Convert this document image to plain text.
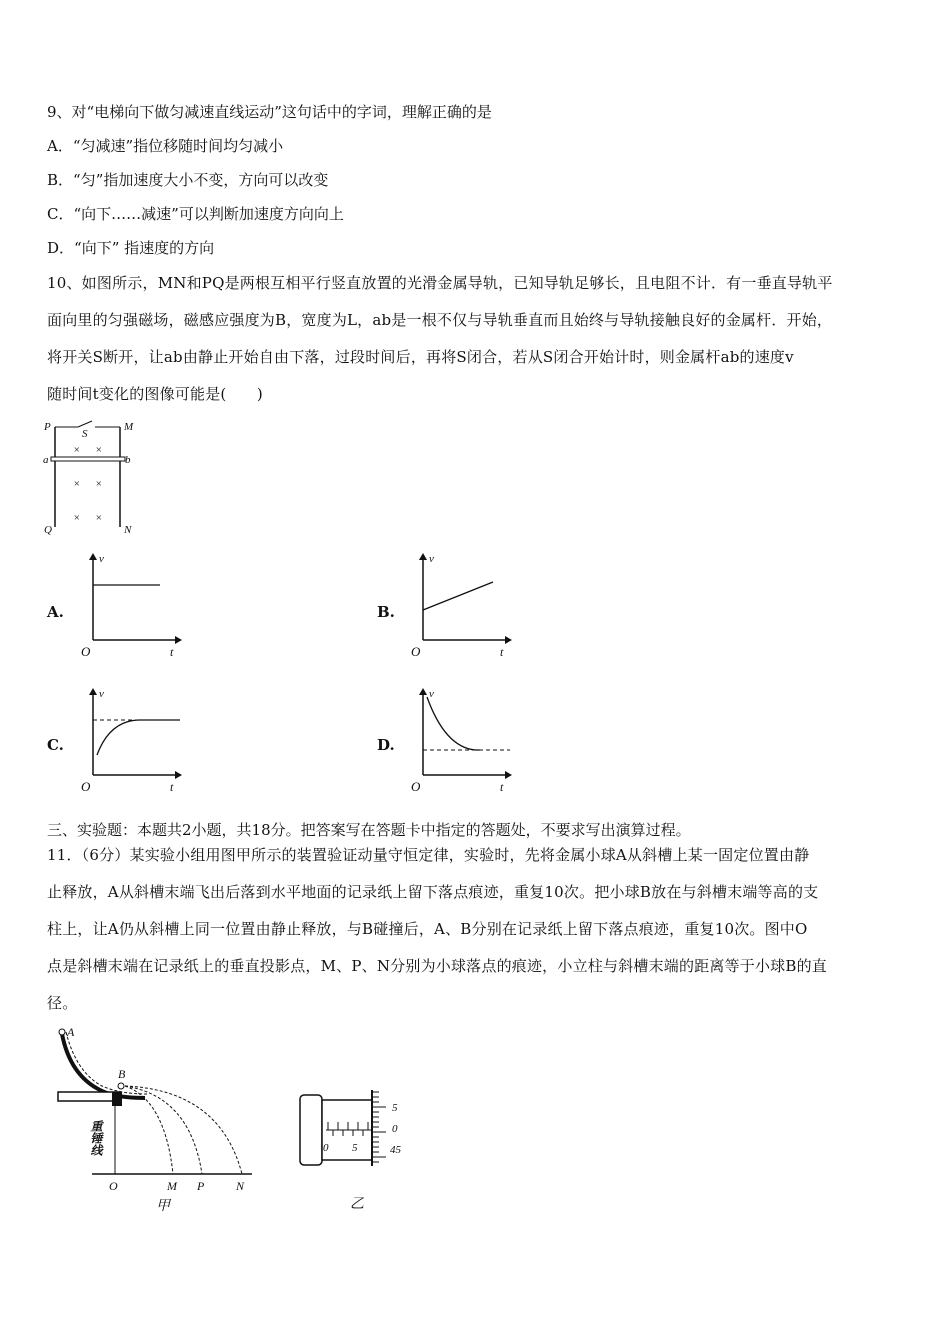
9、对“电梯向下做匀减速直线运动”这句话中的字词，理解正确的是
A．“匀减速”指位移随时间均匀减小
B．“匀”指加速度大小不变，方向可以改变
C．“向下……减速”可以判断加速度方向向上
D．“向下” 指速度的方向
10、如图所示，MN和PQ是两根互相平行竖直放置的光滑金属导轨，已知导轨足够长，且电阻不计．有一垂直导轨平
面向里的匀强磁场，磁感应强度为B，宽度为L，ab是一根不仅与导轨垂直而且始终与导轨接触良好的金属杆．开始，
将开关S断开，让ab由静止开始自由下落，过段时间后，再将S闭合，若从S闭合开始计时，则金属杆ab的速度v
随时间t变化的图像可能是(　　)
P	M
S
a	b
Q	N
× ×
× ×
× ×
A.	B.
C.	D.
v
t
O
v
t
O
v
t
O
v
t
O
三、实验题：本题共2小题，共18分。把答案写在答题卡中指定的答题处，不要求写出演算过程。
11．（6分）某实验小组用图甲所示的装置验证动量守恒定律，实验时，先将金属小球A从斜槽上某一固定位置由静
止释放，A从斜槽末端飞出后落到水平地面的记录纸上留下落点痕迹，重复10次。把小球B放在与斜槽末端等高的支
柱上，让A仍从斜槽上同一位置由静止释放，与B碰撞后，A、B分别在记录纸上留下落点痕迹，重复10次。图中O
点是斜槽末端在记录纸上的垂直投影点，M、P、N分别为小球落点的痕迹，小立柱与斜槽末端的距离等于小球B的直
径。
A
B
重锤线
O	M P	N
甲
5
0
45
0 5
乙
